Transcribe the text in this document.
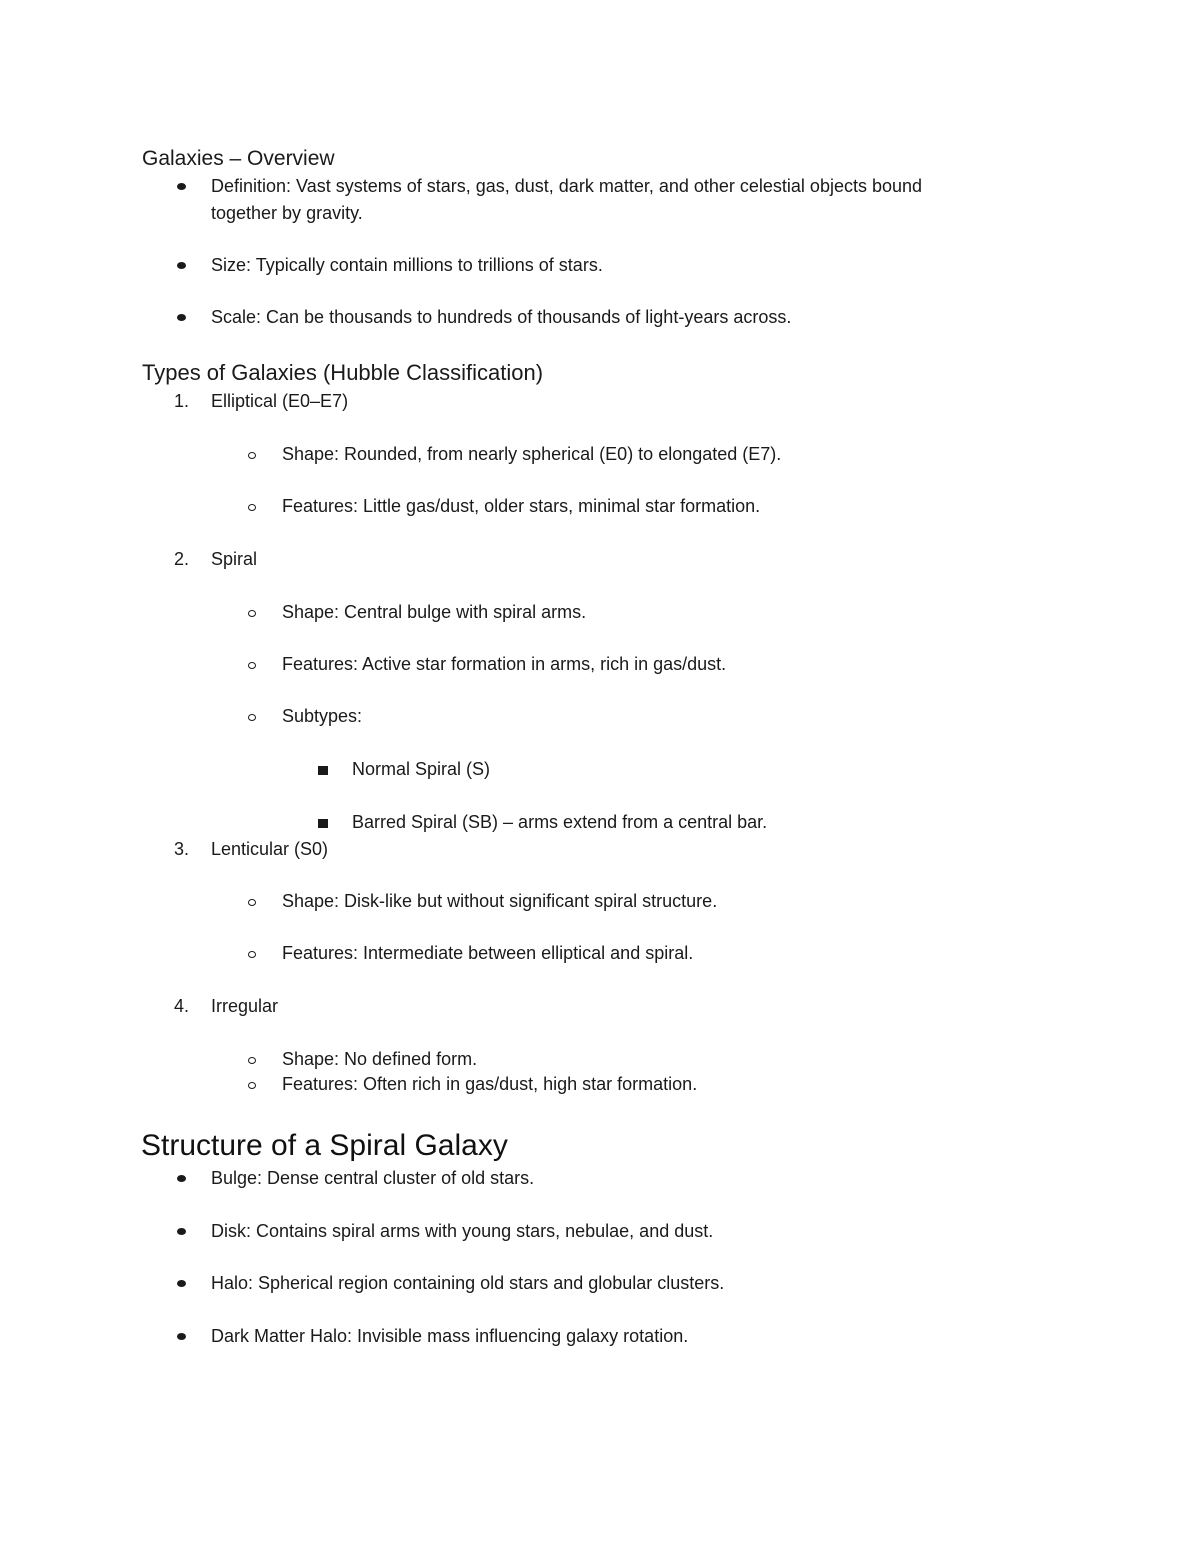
Galaxies – Overview
Definition: Vast systems of stars, gas, dust, dark matter, and other celestial objects bound
together by gravity.
Size: Typically contain millions to trillions of stars.
Scale: Can be thousands to hundreds of thousands of light-years across.
Types of Galaxies (Hubble Classification)
1. Elliptical (E0–E7)
Shape: Rounded, from nearly spherical (E0) to elongated (E7).
Features: Little gas/dust, older stars, minimal star formation.
2. Spiral
Shape: Central bulge with spiral arms.
Features: Active star formation in arms, rich in gas/dust.
Subtypes:
Normal Spiral (S)
Barred Spiral (SB) – arms extend from a central bar.
3. Lenticular (S0)
Shape: Disk-like but without significant spiral structure.
Features: Intermediate between elliptical and spiral.
4. Irregular
Shape: No defined form.
Features: Often rich in gas/dust, high star formation.
Structure of a Spiral Galaxy
Bulge: Dense central cluster of old stars.
Disk: Contains spiral arms with young stars, nebulae, and dust.
Halo: Spherical region containing old stars and globular clusters.
Dark Matter Halo: Invisible mass influencing galaxy rotation.
